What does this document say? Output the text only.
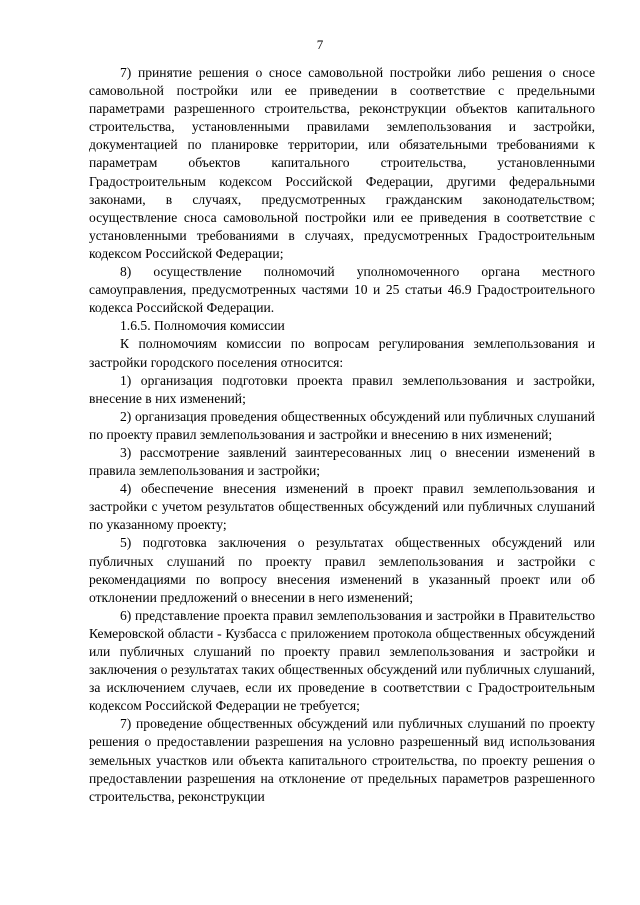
7

7) принятие решения о сносе самовольной постройки либо решения о сносе самовольной постройки или ее приведении в соответствие с предельными параметрами разрешенного строительства, реконструкции объектов капитального строительства, установленными правилами землепользования и застройки, документацией по планировке территории, или обязательными требованиями к параметрам объектов капитального строительства, установленными Градостроительным кодексом Российской Федерации, другими федеральными законами, в случаях, предусмотренных гражданским законодательством; осуществление сноса самовольной постройки или ее приведения в соответствие с установленными требованиями в случаях, предусмотренных Градостроительным кодексом Российской Федерации;

8) осуществление полномочий уполномоченного органа местного самоуправления, предусмотренных частями 10 и 25 статьи 46.9 Градостроительного кодекса Российской Федерации.

1.6.5. Полномочия комиссии

К полномочиям комиссии по вопросам регулирования землепользования и застройки городского поселения относится:

1) организация подготовки проекта правил землепользования и застройки, внесение в них изменений;

2) организация проведения общественных обсуждений или публичных слушаний по проекту правил землепользования и застройки и внесению в них изменений;

3) рассмотрение заявлений заинтересованных лиц о внесении изменений в правила землепользования и застройки;

4) обеспечение внесения изменений в проект правил землепользования и застройки с учетом результатов общественных обсуждений или публичных слушаний по указанному проекту;

5) подготовка заключения о результатах общественных обсуждений или публичных слушаний по проекту правил землепользования и застройки с рекомендациями по вопросу внесения изменений в указанный проект или об отклонении предложений о внесении в него изменений;

6) представление проекта правил землепользования и застройки в Правительство Кемеровской области - Кузбасса с приложением протокола общественных обсуждений или публичных слушаний по проекту правил землепользования и застройки и заключения о результатах таких общественных обсуждений или публичных слушаний, за исключением случаев, если их проведение в соответствии с Градостроительным кодексом Российской Федерации не требуется;

7) проведение общественных обсуждений или публичных слушаний по проекту решения о предоставлении разрешения на условно разрешенный вид использования земельных участков или объекта капитального строительства, по проекту решения о предоставлении разрешения на отклонение от предельных параметров разрешенного строительства, реконструкции
